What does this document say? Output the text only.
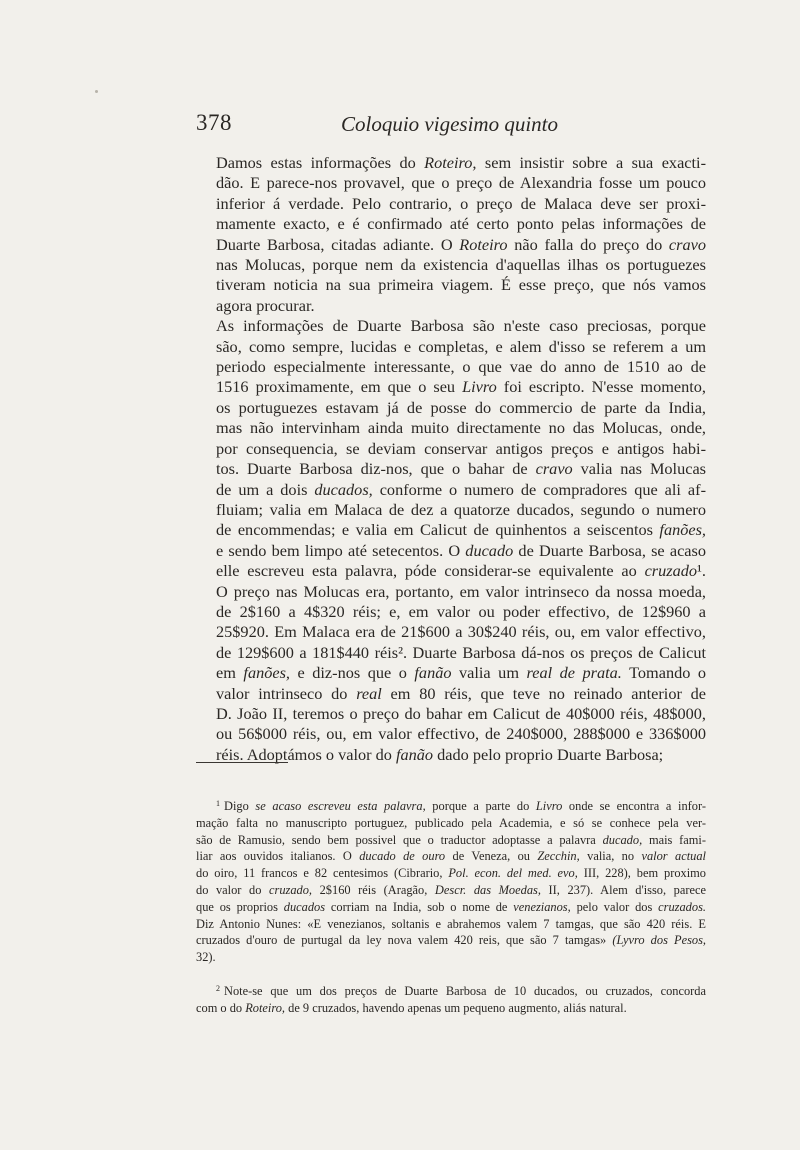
378	Coloquio vigesimo quinto

Damos estas informações do Roteiro, sem insistir sobre a sua exacti-
dão. E parece-nos provavel, que o preço de Alexandria fosse um pouco
inferior á verdade. Pelo contrario, o preço de Malaca deve ser proxi-
mamente exacto, e é confirmado até certo ponto pelas informações de
Duarte Barbosa, citadas adiante. O Roteiro não falla do preço do cravo
nas Molucas, porque nem da existencia d'aquellas ilhas os portuguezes
tiveram noticia na sua primeira viagem. É esse preço, que nós vamos
agora procurar.

As informações de Duarte Barbosa são n'este caso preciosas, porque
são, como sempre, lucidas e completas, e alem d'isso se referem a um
periodo especialmente interessante, o que vae do anno de 1510 ao de
1516 proximamente, em que o seu Livro foi escripto. N'esse momento,
os portuguezes estavam já de posse do commercio de parte da India,
mas não intervinham ainda muito directamente no das Molucas, onde,
por consequencia, se deviam conservar antigos preços e antigos habi-
tos. Duarte Barbosa diz-nos, que o bahar de cravo valia nas Molucas
de um a dois ducados, conforme o numero de compradores que ali af-
fluiam; valia em Malaca de dez a quatorze ducados, segundo o numero
de encommendas; e valia em Calicut de quinhentos a seiscentos fanões,
e sendo bem limpo até setecentos. O ducado de Duarte Barbosa, se acaso
elle escreveu esta palavra, póde considerar-se equivalente ao cruzado¹.
O preço nas Molucas era, portanto, em valor intrinseco da nossa moeda,
de 2$160 a 4$320 réis; e, em valor ou poder effectivo, de 12$960 a
25$920. Em Malaca era de 21$600 a 30$240 réis, ou, em valor effectivo,
de 129$600 a 181$440 réis². Duarte Barbosa dá-nos os preços de Calicut
em fanões, e diz-nos que o fanão valia um real de prata. Tomando o
valor intrinseco do real em 80 réis, que teve no reinado anterior de
D. João II, teremos o preço do bahar em Calicut de 40$000 réis, 48$000,
ou 56$000 réis, ou, em valor effectivo, de 240$000, 288$000 e 336$000
réis. Adoptámos o valor do fanão dado pelo proprio Duarte Barbosa;

$^1$ Digo se acaso escreveu esta palavra, porque a parte do Livro onde se encontra a infor-
mação falta no manuscripto portuguez, publicado pela Academia, e só se conhece pela ver-
são de Ramusio, sendo bem possivel que o traductor adoptasse a palavra ducado, mais fami-
liar aos ouvidos italianos. O ducado de ouro de Veneza, ou Zecchin, valia, no valor actual
do oiro, 11 francos e 82 centesimos (Cibrario, Pol. econ. del med. evo, III, 228), bem proximo
do valor do cruzado, 2$160 réis (Aragão, Descr. das Moedas, II, 237). Alem d'isso, parece
que os proprios ducados corriam na India, sob o nome de venezianos, pelo valor dos cruzados.
Diz Antonio Nunes: «E venezianos, soltanis e abrahemos valem 7 tamgas, que são 420 réis. E
cruzados d'ouro de purtugal da ley nova valem 420 reis, que são 7 tamgas» (Lyvro dos Pesos,
32).

$^2$ Note-se que um dos preços de Duarte Barbosa de 10 ducados, ou cruzados, concorda
com o do Roteiro, de 9 cruzados, havendo apenas um pequeno augmento, aliás natural.
